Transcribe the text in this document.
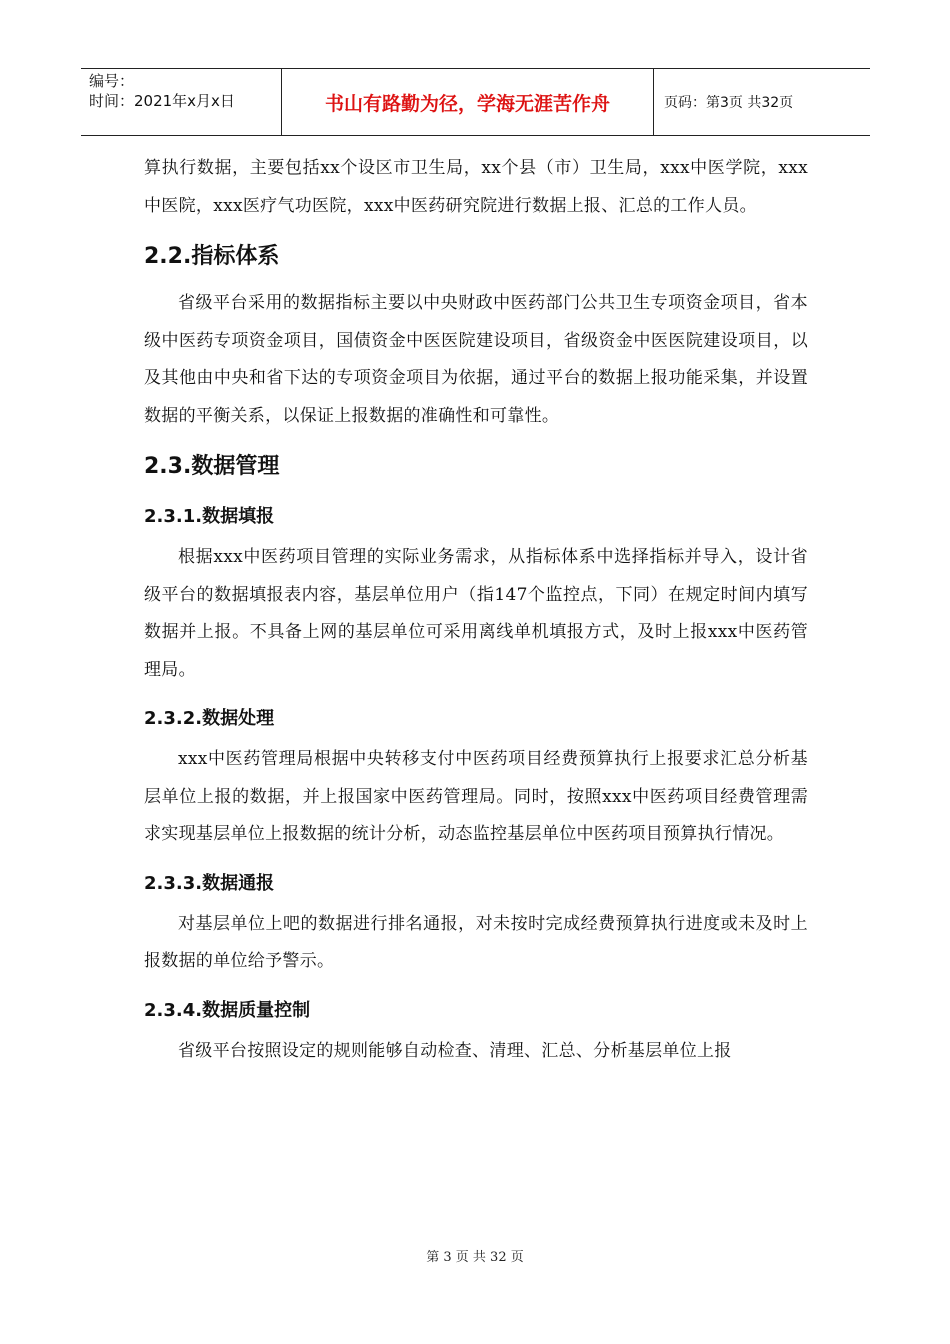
编号：
时间：2021年x月x日	书山有路勤为径，学海无涯苦作舟	页码：第3页 共32页

算执行数据，主要包括xx个设区市卫生局，xx个县（市）卫生局，xxx中医学院，xxx中医院，xxx医疗气功医院，xxx中医药研究院进行数据上报、汇总的工作人员。

2.2.指标体系

省级平台采用的数据指标主要以中央财政中医药部门公共卫生专项资金项目，省本级中医药专项资金项目，国债资金中医医院建设项目，省级资金中医医院建设项目，以及其他由中央和省下达的专项资金项目为依据，通过平台的数据上报功能采集，并设置数据的平衡关系，以保证上报数据的准确性和可靠性。

2.3.数据管理
2.3.1.数据填报

根据xxx中医药项目管理的实际业务需求，从指标体系中选择指标并导入，设计省级平台的数据填报表内容，基层单位用户（指147个监控点，下同）在规定时间内填写数据并上报。不具备上网的基层单位可采用离线单机填报方式，及时上报xxx中医药管理局。

2.3.2.数据处理

xxx中医药管理局根据中央转移支付中医药项目经费预算执行上报要求汇总分析基层单位上报的数据，并上报国家中医药管理局。同时，按照xxx中医药项目经费管理需求实现基层单位上报数据的统计分析，动态监控基层单位中医药项目预算执行情况。

2.3.3.数据通报

对基层单位上吧的数据进行排名通报，对未按时完成经费预算执行进度或未及时上报数据的单位给予警示。

2.3.4.数据质量控制

省级平台按照设定的规则能够自动检查、清理、汇总、分析基层单位上报

第 3 页 共 32 页
